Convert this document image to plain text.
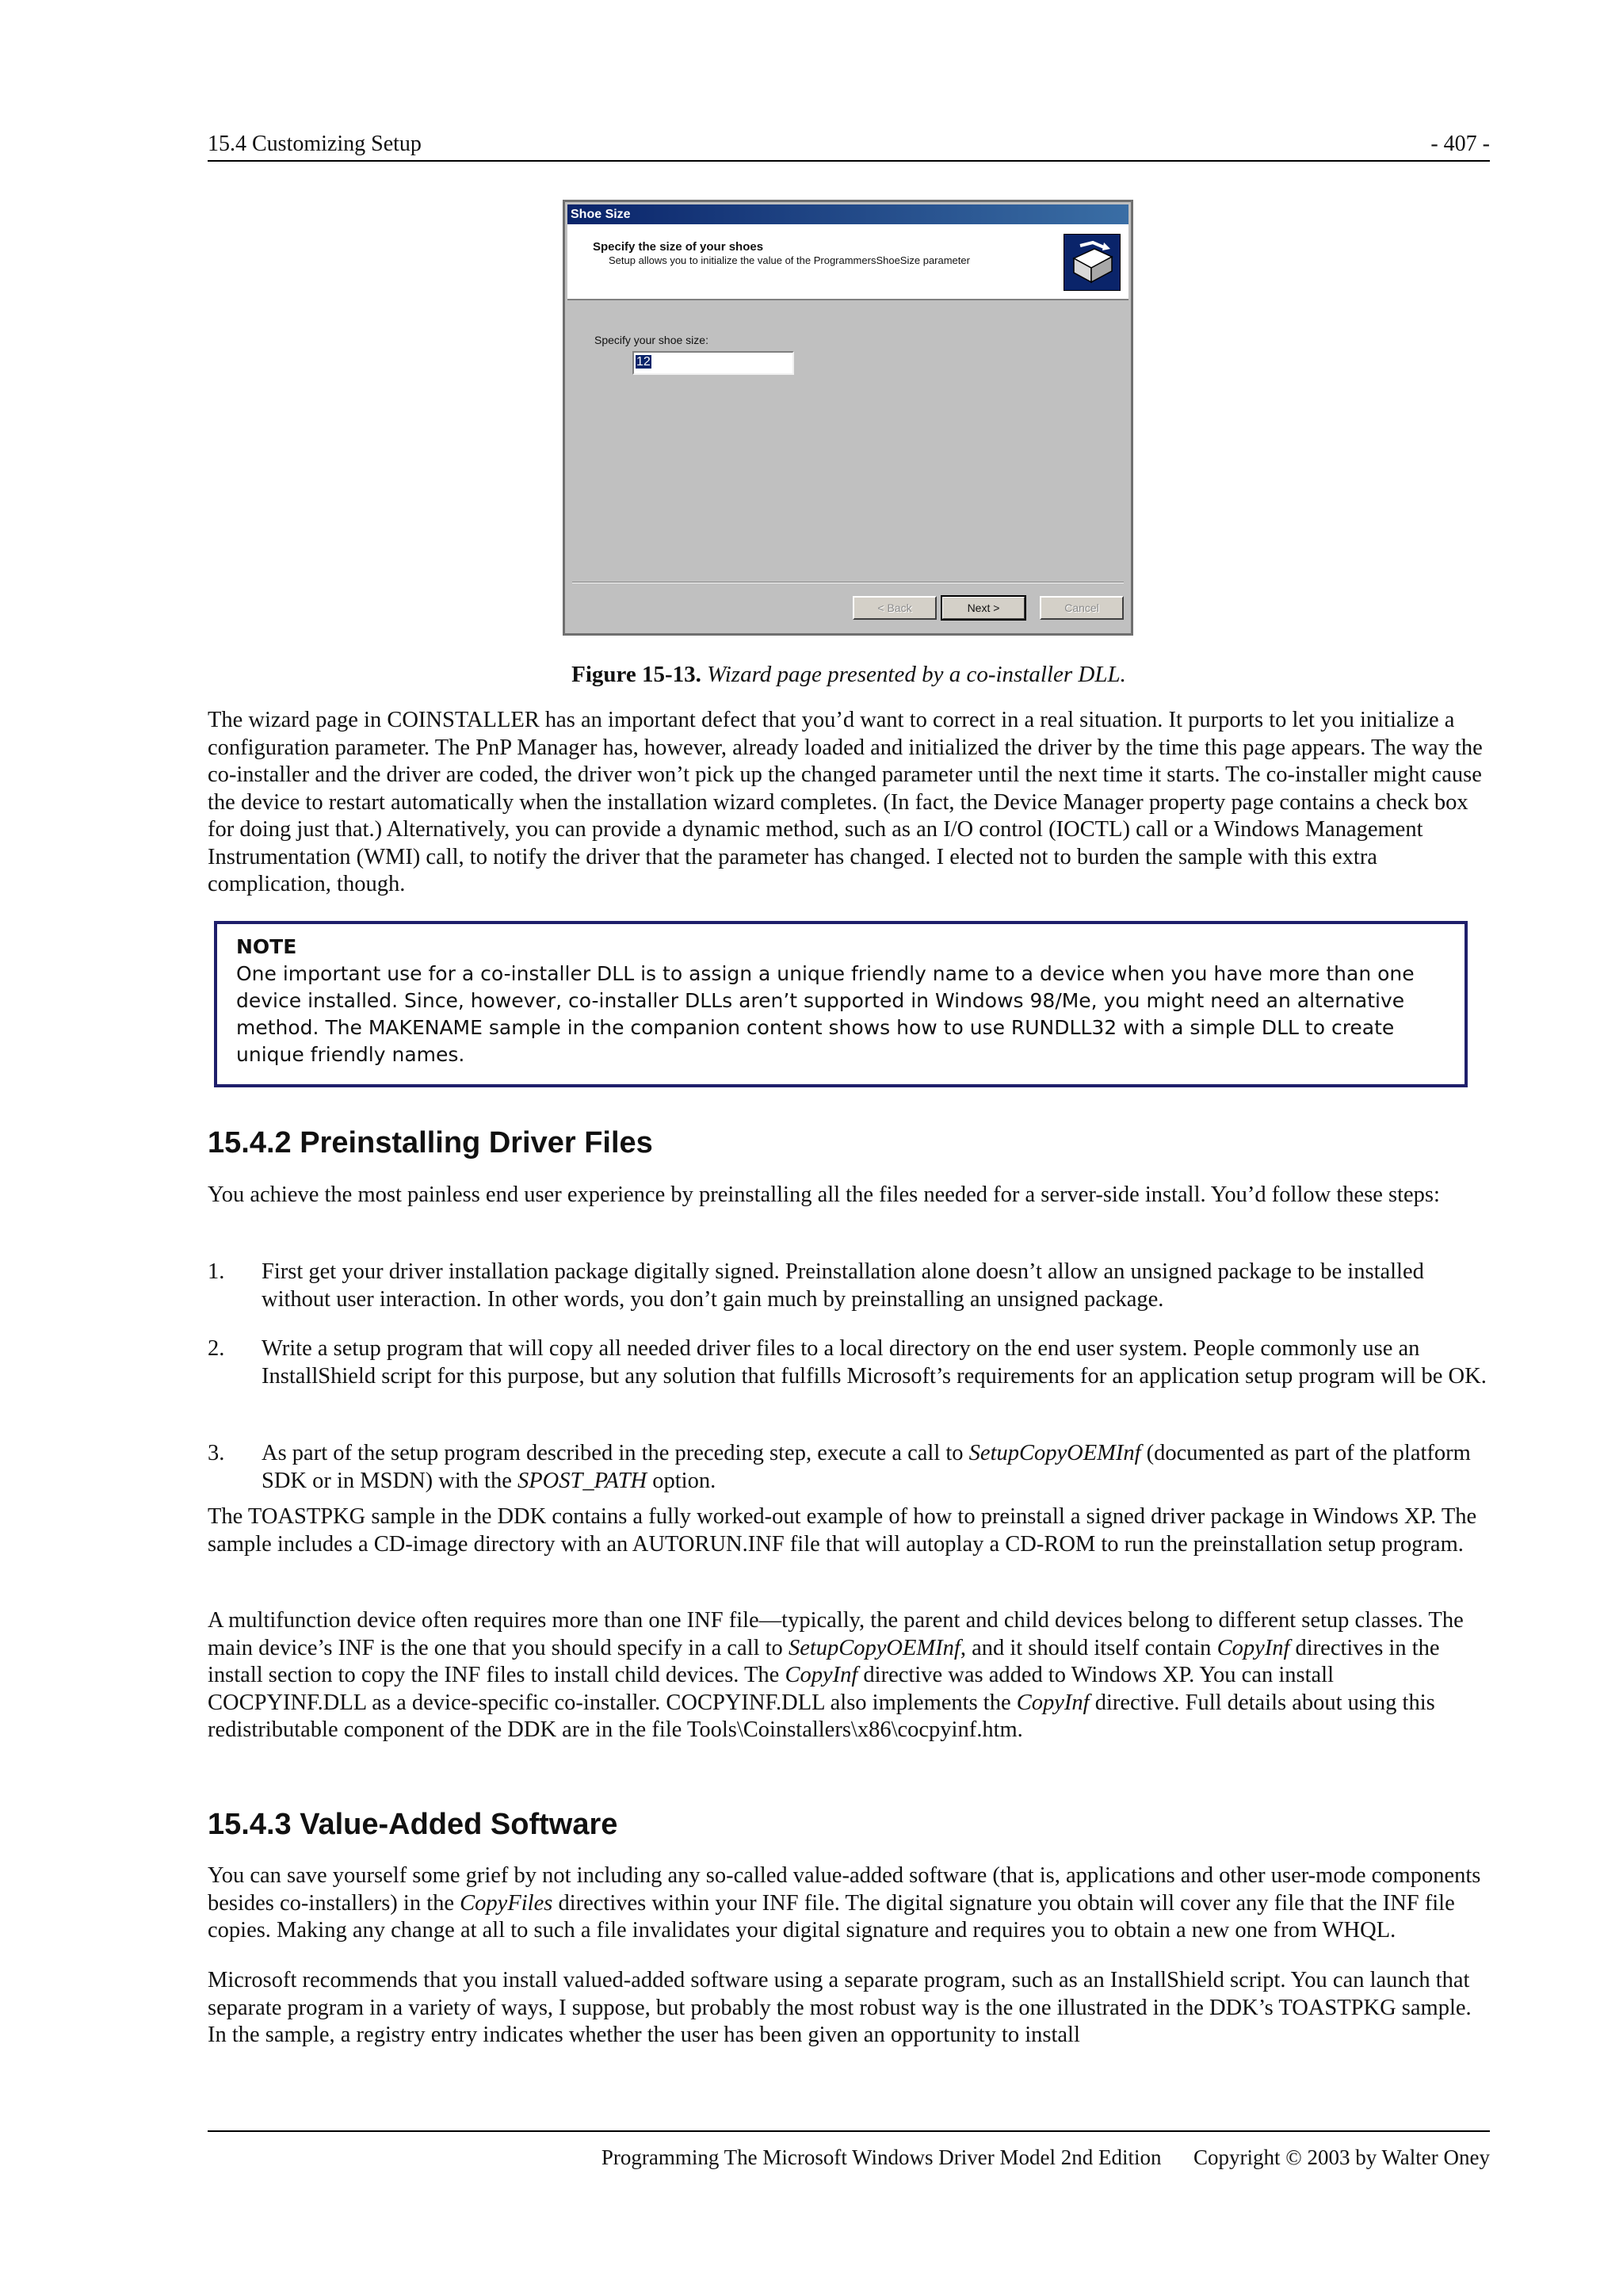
15.4 Customizing Setup	- 407 -
Shoe Size
Specify the size of your shoes
Setup allows you to initialize the value of the ProgrammersShoeSize parameter
Specify your shoe size:
12
< Back	Next >	Cancel
Figure 15-13. Wizard page presented by a co-installer DLL.

The wizard page in COINSTALLER has an important defect that you’d want to correct in a real situation. It purports to let you initialize a configuration parameter. The PnP Manager has, however, already loaded and initialized the driver by the time this page appears. The way the co-installer and the driver are coded, the driver won’t pick up the changed parameter until the next time it starts. The co-installer might cause the device to restart automatically when the installation wizard completes. (In fact, the Device Manager property page contains a check box for doing just that.) Alternatively, you can provide a dynamic method, such as an I/O control (IOCTL) call or a Windows Management Instrumentation (WMI) call, to notify the driver that the parameter has changed. I elected not to burden the sample with this extra complication, though.

NOTE
One important use for a co-installer DLL is to assign a unique friendly name to a device when you have more than one device installed. Since, however, co-installer DLLs aren’t supported in Windows 98/Me, you might need an alternative method. The MAKENAME sample in the companion content shows how to use RUNDLL32 with a simple DLL to create unique friendly names.
15.4.2 Preinstalling Driver Files

You achieve the most painless end user experience by preinstalling all the files needed for a server-side install. You’d follow these steps:

1. First get your driver installation package digitally signed. Preinstallation alone doesn’t allow an unsigned package to be installed without user interaction. In other words, you don’t gain much by preinstalling an unsigned package.
2. Write a setup program that will copy all needed driver files to a local directory on the end user system. People commonly use an InstallShield script for this purpose, but any solution that fulfills Microsoft’s requirements for an application setup program will be OK.
3. As part of the setup program described in the preceding step, execute a call to SetupCopyOEMInf (documented as part of the platform SDK or in MSDN) with the SPOST_PATH option.

The TOASTPKG sample in the DDK contains a fully worked-out example of how to preinstall a signed driver package in Windows XP. The sample includes a CD-image directory with an AUTORUN.INF file that will autoplay a CD-ROM to run the preinstallation setup program.

A multifunction device often requires more than one INF file—typically, the parent and child devices belong to different setup classes. The main device’s INF is the one that you should specify in a call to SetupCopyOEMInf, and it should itself contain CopyInf directives in the install section to copy the INF files to install child devices. The CopyInf directive was added to Windows XP. You can install COCPYINF.DLL as a device-specific co-installer. COCPYINF.DLL also implements the CopyInf directive. Full details about using this redistributable component of the DDK are in the file Tools\Coinstallers\x86\cocpyinf.htm.

15.4.3 Value-Added Software

You can save yourself some grief by not including any so-called value-added software (that is, applications and other user-mode components besides co-installers) in the CopyFiles directives within your INF file. The digital signature you obtain will cover any file that the INF file copies. Making any change at all to such a file invalidates your digital signature and requires you to obtain a new one from WHQL.

Microsoft recommends that you install valued-added software using a separate program, such as an InstallShield script. You can launch that separate program in a variety of ways, I suppose, but probably the most robust way is the one illustrated in the DDK’s TOASTPKG sample. In the sample, a registry entry indicates whether the user has been given an opportunity to install

Programming The Microsoft Windows Driver Model 2nd Edition Copyright © 2003 by Walter Oney
